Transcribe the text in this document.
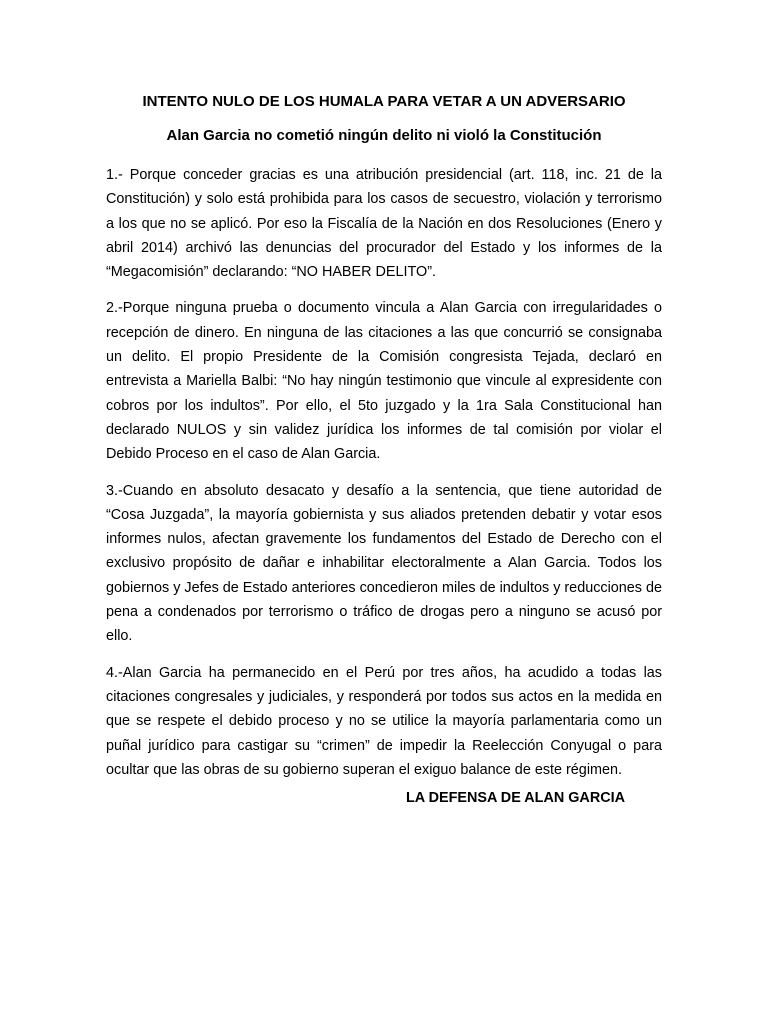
INTENTO NULO DE LOS HUMALA PARA VETAR A UN ADVERSARIO
Alan Garcia no cometió ningún delito ni violó la Constitución

1.- Porque conceder gracias es una atribución presidencial (art. 118, inc. 21 de la Constitución) y solo está prohibida para los casos de secuestro, violación y terrorismo a los que no se aplicó. Por eso la Fiscalía de la Nación en dos Resoluciones (Enero y abril 2014) archivó las denuncias del procurador del Estado y los informes de la “Megacomisión” declarando: “NO HABER DELITO”.

2.-Porque ninguna prueba o documento vincula a Alan Garcia con irregularidades o recepción de dinero. En ninguna de las citaciones a las que concurrió se consignaba un delito. El propio Presidente de la Comisión congresista Tejada, declaró en entrevista a Mariella Balbi: “No hay ningún testimonio que vincule al expresidente con cobros por los indultos”. Por ello, el 5to juzgado y la 1ra Sala Constitucional han declarado NULOS y sin validez jurídica los informes de tal comisión por violar el Debido Proceso en el caso de Alan Garcia.

3.-Cuando en absoluto desacato y desafío a la sentencia, que tiene autoridad de “Cosa Juzgada”, la mayoría gobiernista y sus aliados pretenden debatir y votar esos informes nulos, afectan gravemente los fundamentos del Estado de Derecho con el exclusivo propósito de dañar e inhabilitar electoralmente a Alan Garcia. Todos los gobiernos y Jefes de Estado anteriores concedieron miles de indultos y reducciones de pena a condenados por terrorismo o tráfico de drogas pero a ninguno se acusó por ello.

4.-Alan Garcia ha permanecido en el Perú por tres años, ha acudido a todas las citaciones congresales y judiciales, y responderá por todos sus actos en la medida en que se respete el debido proceso y no se utilice la mayoría parlamentaria como un puñal jurídico para castigar su “crimen” de impedir la Reelección Conyugal o para ocultar que las obras de su gobierno superan el exiguo balance de este régimen.

LA DEFENSA DE ALAN GARCIA
